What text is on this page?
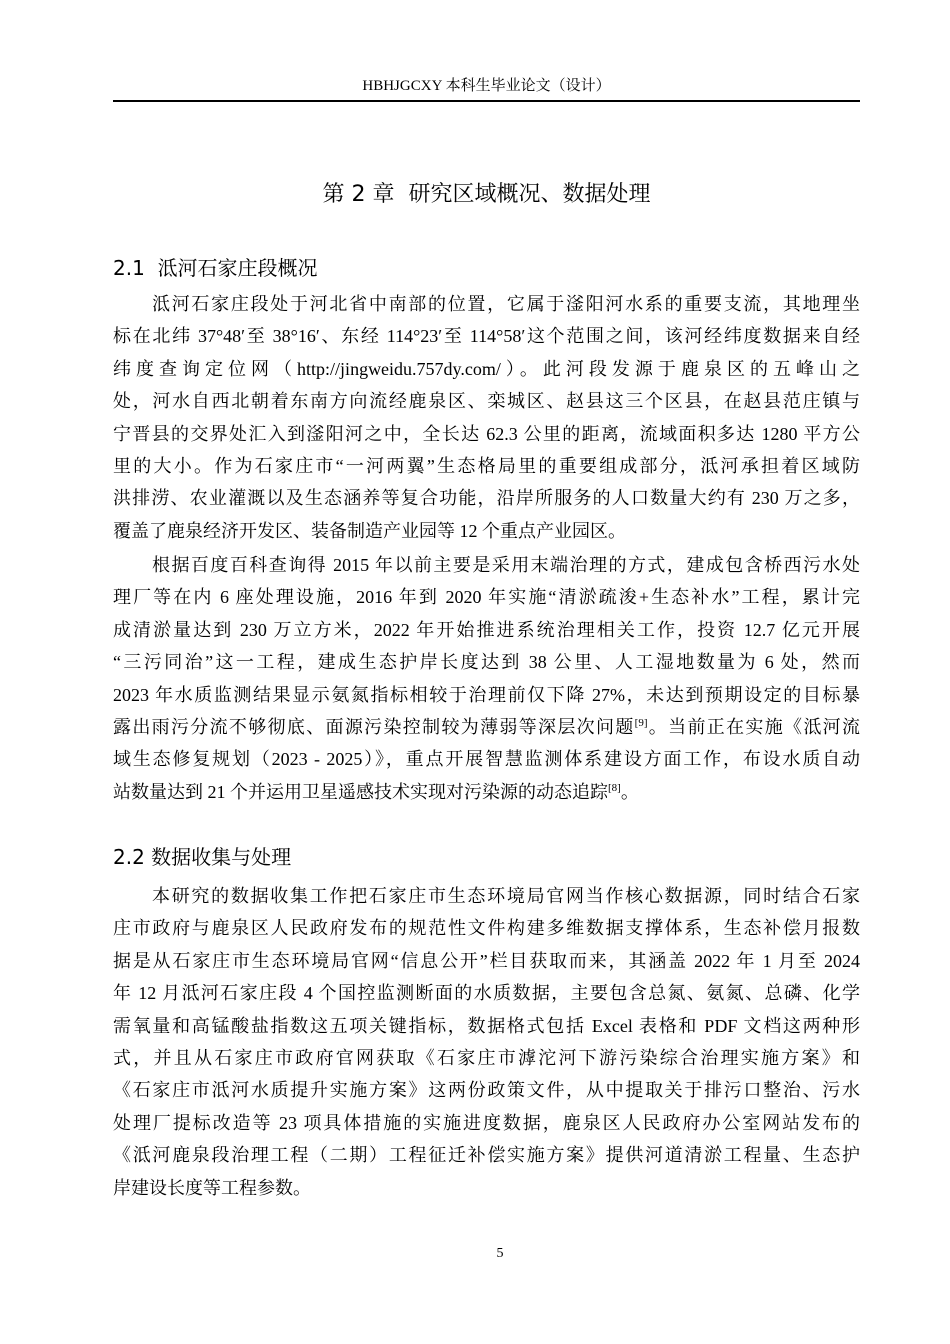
HBHJGCXY 本科生毕业论文（设计）
第 2 章  研究区域概况、数据处理
2.1  泜河石家庄段概况
泜河石家庄段处于河北省中南部的位置，它属于滏阳河水系的重要支流，其地理坐
标在北纬 37°48′至 38°16′、东经 114°23′至 114°58′这个范围之间，该河经纬度数据来自经
纬度查询定位网（http://jingweidu.757dy.com/）。此河段发源于鹿泉区的五峰山之
处，河水自西北朝着东南方向流经鹿泉区、栾城区、赵县这三个区县，在赵县范庄镇与
宁晋县的交界处汇入到滏阳河之中，全长达 62.3 公里的距离，流域面积多达 1280 平方公
里的大小。作为石家庄市“一河两翼”生态格局里的重要组成部分，泜河承担着区域防
洪排涝、农业灌溉以及生态涵养等复合功能，沿岸所服务的人口数量大约有 230 万之多，
覆盖了鹿泉经济开发区、装备制造产业园等 12 个重点产业园区。
根据百度百科查询得 2015 年以前主要是采用末端治理的方式，建成包含桥西污水处
理厂等在内 6 座处理设施，2016 年到 2020 年实施“清淤疏浚+生态补水”工程，累计完
成清淤量达到 230 万立方米，2022 年开始推进系统治理相关工作，投资 12.7 亿元开展
“三污同治”这一工程，建成生态护岸长度达到 38 公里、人工湿地数量为 6 处，然而
2023 年水质监测结果显示氨氮指标相较于治理前仅下降 27%，未达到预期设定的目标暴
露出雨污分流不够彻底、面源污染控制较为薄弱等深层次问题[9]。当前正在实施《泜河流
域生态修复规划（2023 - 2025）》，重点开展智慧监测体系建设方面工作，布设水质自动
站数量达到 21 个并运用卫星遥感技术实现对污染源的动态追踪[8]。
2.2 数据收集与处理
本研究的数据收集工作把石家庄市生态环境局官网当作核心数据源，同时结合石家
庄市政府与鹿泉区人民政府发布的规范性文件构建多维数据支撑体系，生态补偿月报数
据是从石家庄市生态环境局官网“信息公开”栏目获取而来，其涵盖 2022 年 1 月至 2024
年 12 月泜河石家庄段 4 个国控监测断面的水质数据，主要包含总氮、氨氮、总磷、化学
需氧量和高锰酸盐指数这五项关键指标，数据格式包括 Excel 表格和 PDF 文档这两种形
式，并且从石家庄市政府官网获取《石家庄市滹沱河下游污染综合治理实施方案》和
《石家庄市泜河水质提升实施方案》这两份政策文件，从中提取关于排污口整治、污水
处理厂提标改造等 23 项具体措施的实施进度数据，鹿泉区人民政府办公室网站发布的
《泜河鹿泉段治理工程（二期）工程征迁补偿实施方案》提供河道清淤工程量、生态护
岸建设长度等工程参数。
5
